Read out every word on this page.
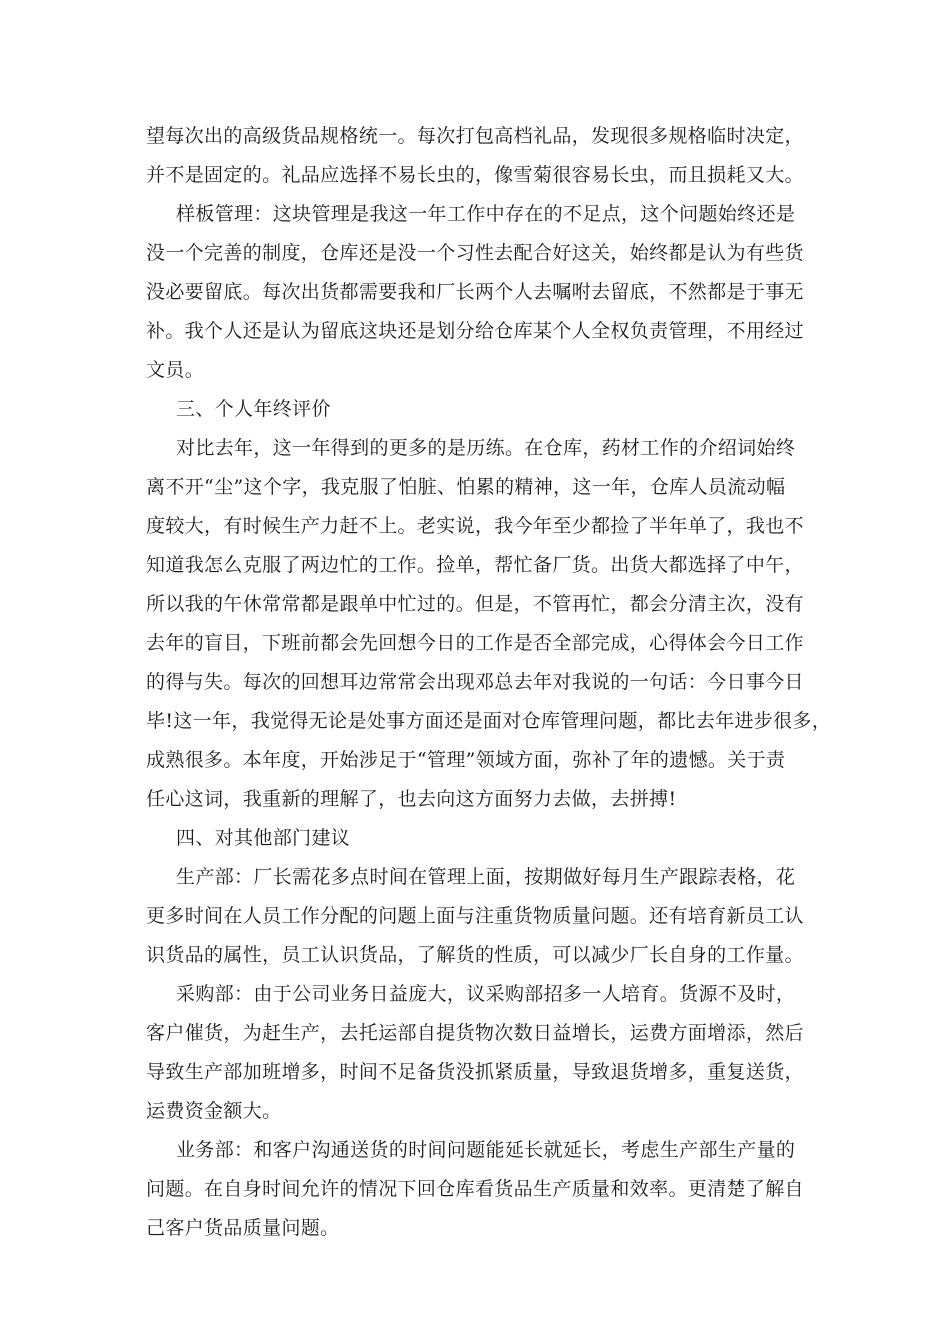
望每次出的高级货品规格统一。每次打包高档礼品，发现很多规格临时决定，
并不是固定的。礼品应选择不易长虫的，像雪菊很容易长虫，而且损耗又大。
样板管理：这块管理是我这一年工作中存在的不足点，这个问题始终还是
没一个完善的制度，仓库还是没一个习性去配合好这关，始终都是认为有些货
没必要留底。每次出货都需要我和厂长两个人去嘱咐去留底，不然都是于事无
补。我个人还是认为留底这块还是划分给仓库某个人全权负责管理，不用经过
文员。
三、个人年终评价
对比去年，这一年得到的更多的是历练。在仓库，药材工作的介绍词始终
离不开“尘”这个字，我克服了怕脏、怕累的精神，这一年，仓库人员流动幅
度较大，有时候生产力赶不上。老实说，我今年至少都捡了半年单了，我也不
知道我怎么克服了两边忙的工作。捡单，帮忙备厂货。出货大都选择了中午，
所以我的午休常常都是跟单中忙过的。但是，不管再忙，都会分清主次，没有
去年的盲目，下班前都会先回想今日的工作是否全部完成，心得体会今日工作
的得与失。每次的回想耳边常常会出现邓总去年对我说的一句话：今日事今日
毕!这一年，我觉得无论是处事方面还是面对仓库管理问题，都比去年进步很多，
成熟很多。本年度，开始涉足于“管理”领域方面，弥补了年的遗憾。关于责
任心这词，我重新的理解了，也去向这方面努力去做，去拼搏!
四、对其他部门建议
生产部：厂长需花多点时间在管理上面，按期做好每月生产跟踪表格，花
更多时间在人员工作分配的问题上面与注重货物质量问题。还有培育新员工认
识货品的属性，员工认识货品，了解货的性质，可以减少厂长自身的工作量。
采购部：由于公司业务日益庞大，议采购部招多一人培育。货源不及时，
客户催货，为赶生产，去托运部自提货物次数日益增长，运费方面增添，然后
导致生产部加班增多，时间不足备货没抓紧质量，导致退货增多，重复送货，
运费资金额大。
业务部：和客户沟通送货的时间问题能延长就延长，考虑生产部生产量的
问题。在自身时间允许的情况下回仓库看货品生产质量和效率。更清楚了解自
己客户货品质量问题。
